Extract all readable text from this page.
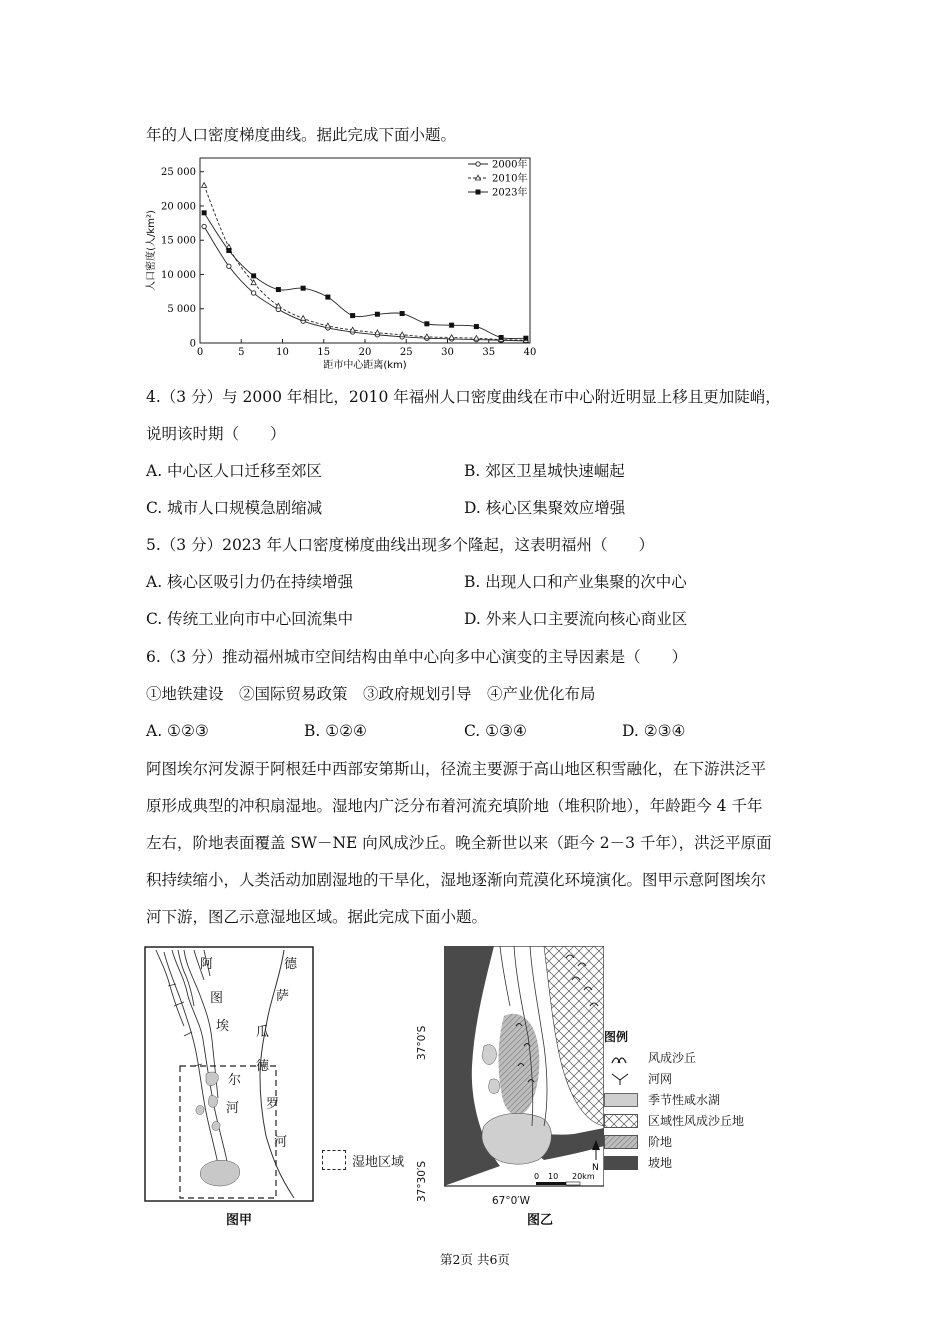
年的人口密度梯度曲线。据此完成下面小题。
0
5 000
10 000
15 000
20 000
25 000
0	5	10	15	20	25	30	35	40
距市中心距离(km)
人口密度(人/km²)
2000年
2010年
2023年
4.（3 分）与 2000 年相比，2010 年福州人口密度曲线在市中心附近明显上移且更加陡峭，
说明该时期（　　）
A. 中心区人口迁移至郊区	B. 郊区卫星城快速崛起
C. 城市人口规模急剧缩减	D. 核心区集聚效应增强
5.（3 分）2023 年人口密度梯度曲线出现多个隆起，这表明福州（　　）
A. 核心区吸引力仍在持续增强	B. 出现人口和产业集聚的次中心
C. 传统工业向市中心回流集中	D. 外来人口主要流向核心商业区
6.（3 分）推动福州城市空间结构由单中心向多中心演变的主导因素是（　　）
①地铁建设　②国际贸易政策　③政府规划引导　④产业优化布局
A. ①②③	B. ①②④	C. ①③④	D. ②③④
阿图埃尔河发源于阿根廷中西部安第斯山，径流主要源于高山地区积雪融化，在下游洪泛平
原形成典型的冲积扇湿地。湿地内广泛分布着河流充填阶地（堆积阶地），年龄距今 4 千年
左右，阶地表面覆盖 SW－NE 向风成沙丘。晚全新世以来（距今 2－3 千年），洪泛平原面
积持续缩小，人类活动加剧湿地的干旱化，湿地逐渐向荒漠化环境演化。图甲示意阿图埃尔
河下游，图乙示意湿地区域。据此完成下面小题。
阿
图
埃
尔
河
德
萨
瓜
德
罗
河
图甲
湿地区域	N
0 10 20km
37°0′S
37°30′S	67°0′W
图乙
图例
风成沙丘
河网
季节性咸水湖
区域性风成沙丘地
阶地
坡地
第2页 共6页
